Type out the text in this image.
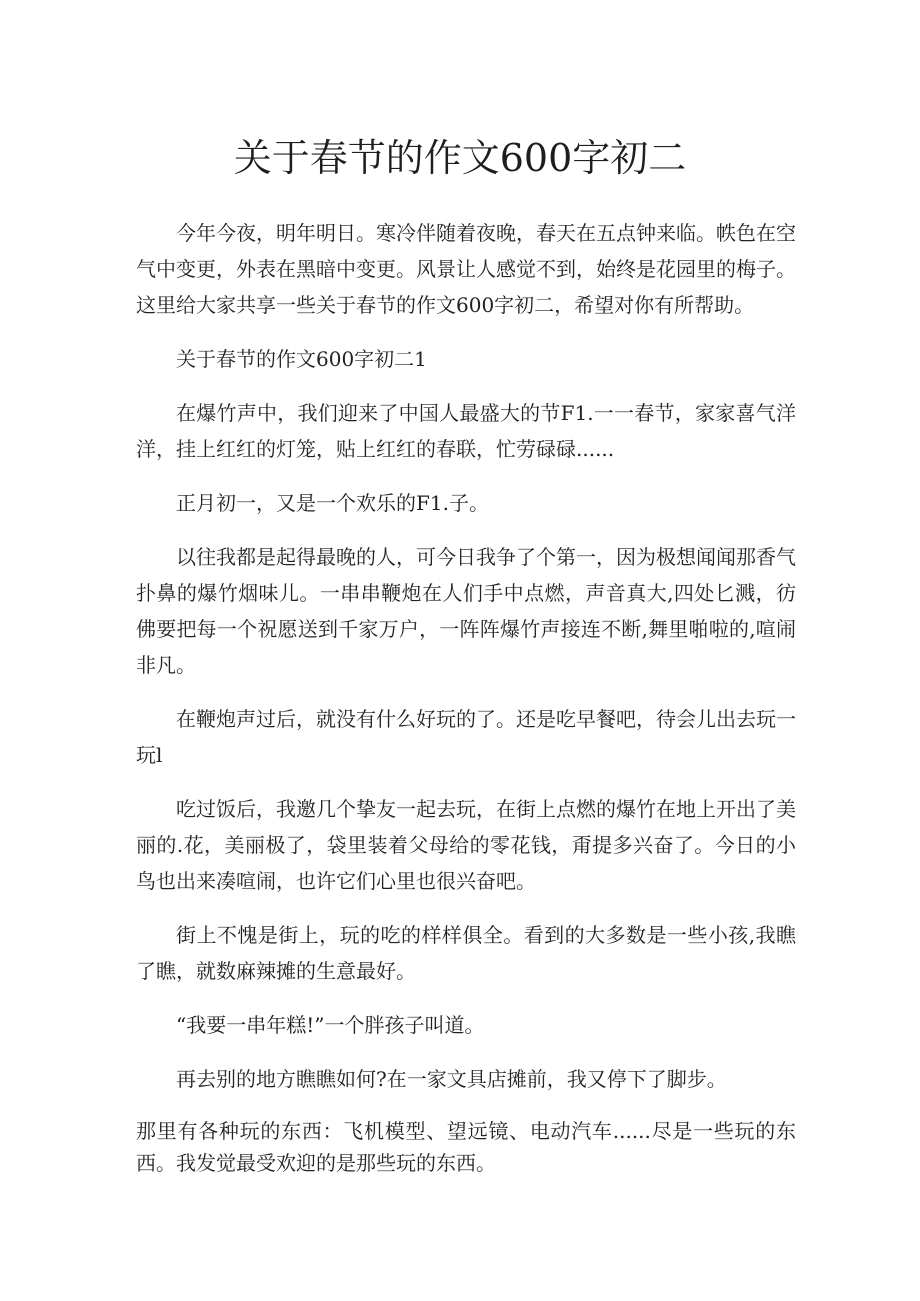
关于春节的作文600字初二

今年今夜，明年明日。寒冷伴随着夜晚，春天在五点钟来临。帙色在空气中变更，外表在黑暗中变更。风景让人感觉不到，始终是花园里的梅子。这里给大家共享一些关于春节的作文600字初二，希望对你有所帮助。

关于春节的作文600字初二1

在爆竹声中，我们迎来了中国人最盛大的节F1.一一春节，家家喜气洋洋，挂上红红的灯笼，贴上红红的春联，忙劳碌碌......

正月初一，又是一个欢乐的F1.子。

以往我都是起得最晚的人，可今日我争了个第一，因为极想闻闻那香气扑鼻的爆竹烟味儿。一串串鞭炮在人们手中点燃，声音真大,四处匕溅，彷佛要把每一个祝愿送到千家万户，一阵阵爆竹声接连不断,舞里啪啦的,喧闹非凡。

在鞭炮声过后，就没有什么好玩的了。还是吃早餐吧，待会儿出去玩一玩l

吃过饭后，我邀几个挚友一起去玩，在街上点燃的爆竹在地上开出了美丽的.花，美丽极了，袋里装着父母给的零花钱，甭提多兴奋了。今日的小鸟也出来凑喧闹，也许它们心里也很兴奋吧。

街上不愧是街上，玩的吃的样样俱全。看到的大多数是一些小孩,我瞧了瞧，就数麻辣摊的生意最好。

“我要一串年糕!”一个胖孩子叫道。

再去别的地方瞧瞧如何?在一家文具店摊前，我又停下了脚步。

那里有各种玩的东西：飞机模型、望远镜、电动汽车......尽是一些玩的东西。我发觉最受欢迎的是那些玩的东西。
